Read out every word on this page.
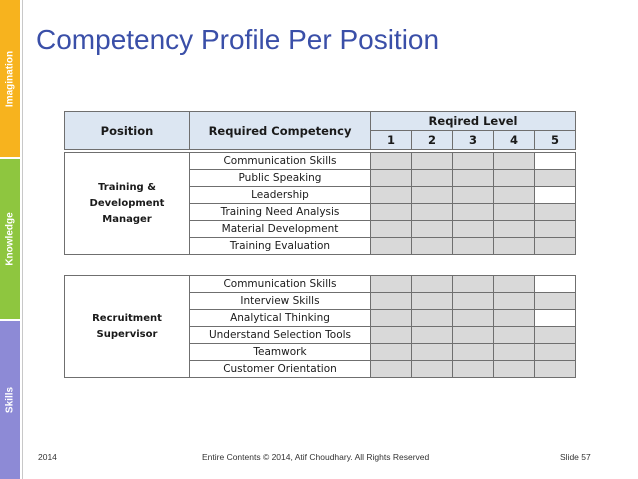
Imagination
Knowledge
Skills
Competency Profile Per Position
Position	Required Competency	Reqired Level				
		1	2	3	4	5
Training & Development Manager	Communication Skills					
	Public Speaking					
	Leadership					
	Training Need Analysis					
	Material Development					
	Training Evaluation					
Recruitment Supervisor	Communication Skills					
	Interview Skills					
	Analytical Thinking					
	Understand Selection Tools					
	Teamwork					
	Customer Orientation					
2014	Entire Contents © 2014, Atif Choudhary. All Rights Reserved	Slide 57
